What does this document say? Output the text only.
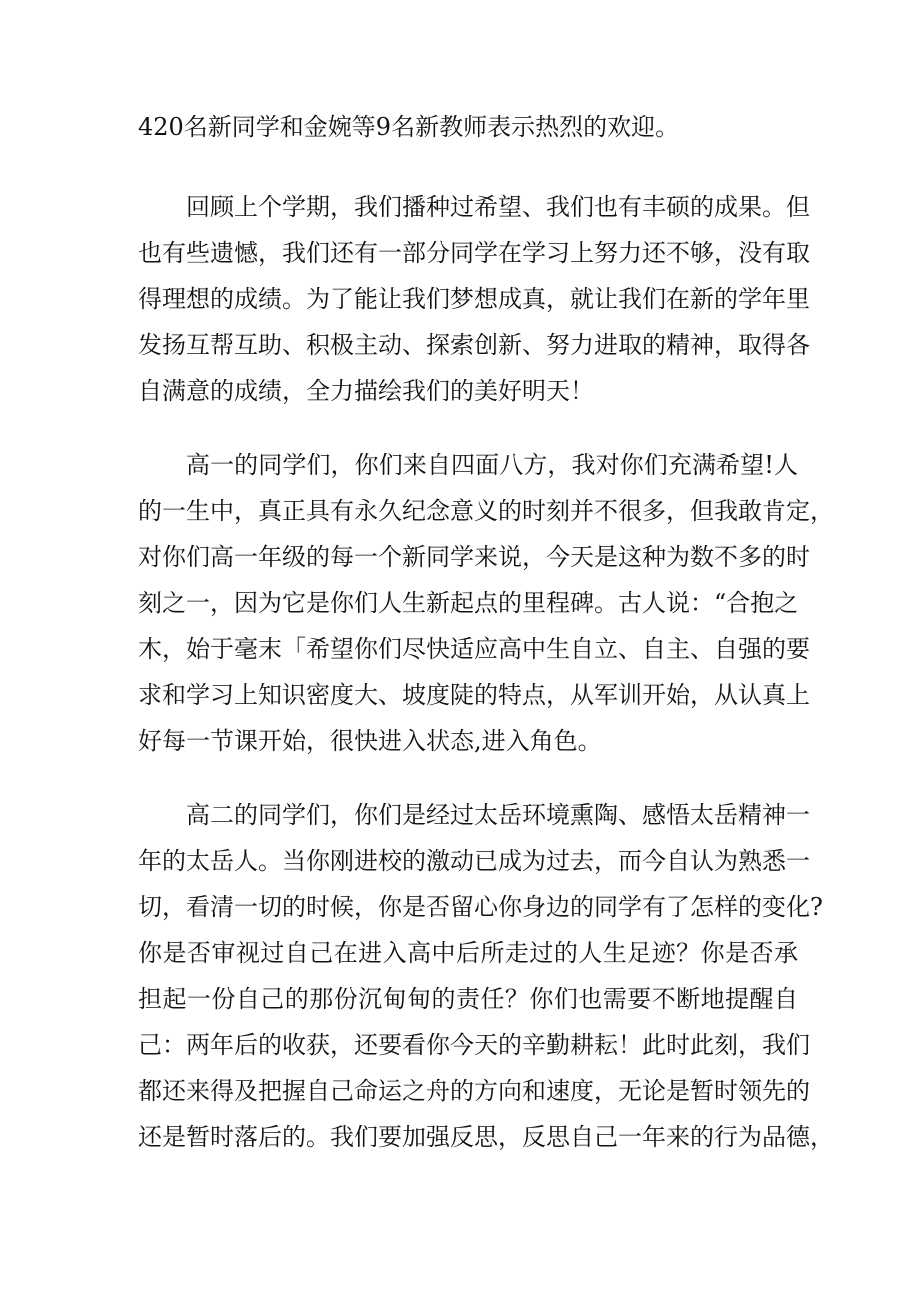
420名新同学和金婉等9名新教师表示热烈的欢迎。
回顾上个学期，我们播种过希望、我们也有丰硕的成果。但
也有些遗憾，我们还有一部分同学在学习上努力还不够，没有取
得理想的成绩。为了能让我们梦想成真，就让我们在新的学年里
发扬互帮互助、积极主动、探索创新、努力进取的精神，取得各
自满意的成绩，全力描绘我们的美好明天！
高一的同学们，你们来自四面八方，我对你们充满希望!人
的一生中，真正具有永久纪念意义的时刻并不很多，但我敢肯定，
对你们高一年级的每一个新同学来说，今天是这种为数不多的时
刻之一，因为它是你们人生新起点的里程碑。古人说：“合抱之
木，始于毫末「希望你们尽快适应高中生自立、自主、自强的要
求和学习上知识密度大、坡度陡的特点，从军训开始，从认真上
好每一节课开始，很快进入状态,进入角色。
高二的同学们，你们是经过太岳环境熏陶、感悟太岳精神一
年的太岳人。当你刚进校的激动已成为过去，而今自认为熟悉一
切，看清一切的时候，你是否留心你身边的同学有了怎样的变化?
你是否审视过自己在进入高中后所走过的人生足迹？你是否承
担起一份自己的那份沉甸甸的责任？你们也需要不断地提醒自
己：两年后的收获，还要看你今天的辛勤耕耘！此时此刻，我们
都还来得及把握自己命运之舟的方向和速度，无论是暂时领先的
还是暂时落后的。我们要加强反思，反思自己一年来的行为品德，
